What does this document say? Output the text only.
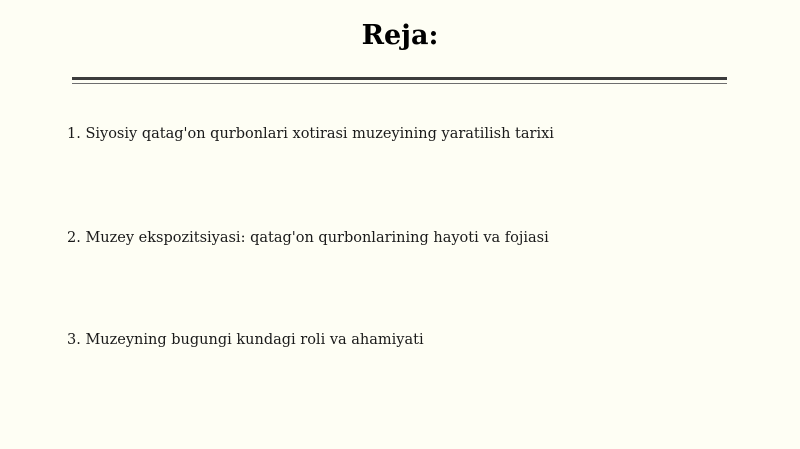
Reja:
1. Siyosiy qatag'on qurbonlari xotirasi muzeyining yaratilish tarixi
2. Muzey ekspozitsiyasi: qatag'on qurbonlarining hayoti va fojiasi
3. Muzeyning bugungi kundagi roli va ahamiyati
